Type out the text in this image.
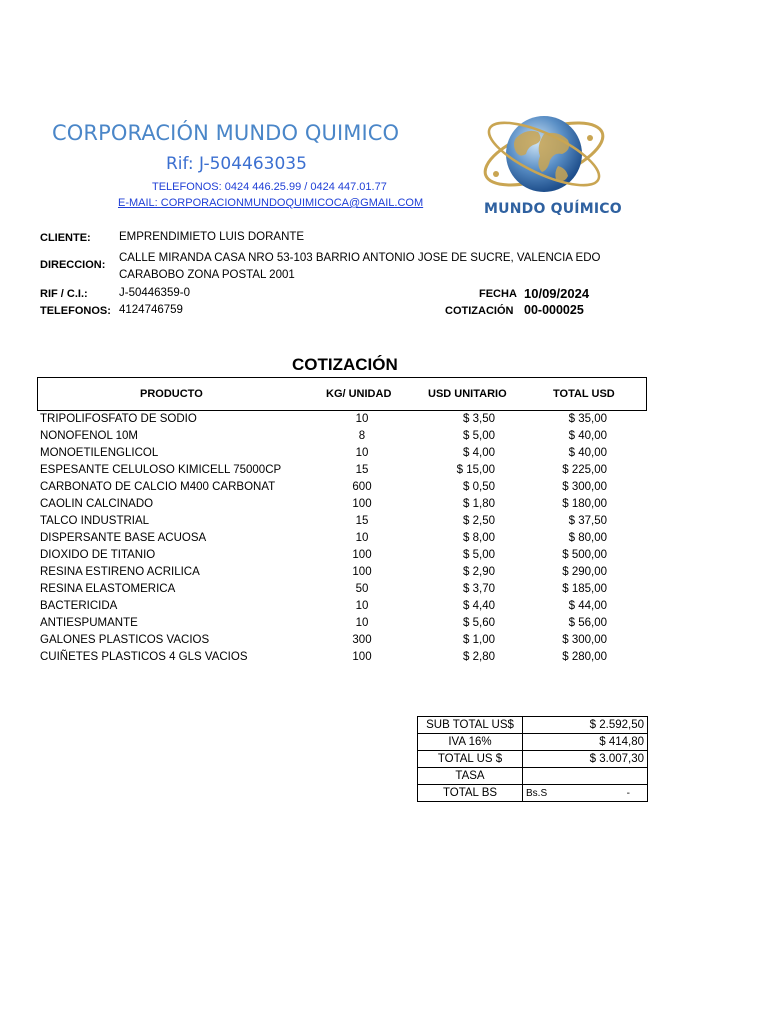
CORPORACIÓN MUNDO QUIMICO
Rif: J-504463035
TELEFONOS: 0424 446.25.99 / 0424 447.01.77
E-MAIL: CORPORACIONMUNDOQUIMICOCA@GMAIL.COM	MUNDO QUÍMICO
CLIENTE: EMPRENDIMIETO LUIS DORANTE
DIRECCION:
CALLE MIRANDA CASA NRO 53-103 BARRIO ANTONIO JOSE DE SUCRE, VALENCIA EDO
CARABOBO ZONA POSTAL 2001
RIF / C.I.:	J-50446359-0
TELEFONOS: 4124746759
FECHA 10/09/2024
COTIZACIÓN 00-000025
COTIZACIÓN
PRODUCTO	KG/ UNIDAD	USD UNITARIO	TOTAL USD
TRIPOLIFOSFATO DE SODIO	10	$ 3,50	$ 35,00
NONOFENOL 10M	8	$ 5,00	$ 40,00
MONOETILENGLICOL	10	$ 4,00	$ 40,00
ESPESANTE CELULOSO KIMICELL 75000CP	15	$ 15,00	$ 225,00
CARBONATO DE CALCIO M400 CARBONAT	600	$ 0,50	$ 300,00
CAOLIN CALCINADO	100	$ 1,80	$ 180,00
TALCO INDUSTRIAL	15	$ 2,50	$ 37,50
DISPERSANTE BASE ACUOSA	10	$ 8,00	$ 80,00
DIOXIDO DE TITANIO	100	$ 5,00	$ 500,00
RESINA ESTIRENO ACRILICA	100	$ 2,90	$ 290,00
RESINA ELASTOMERICA	50	$ 3,70	$ 185,00
BACTERICIDA	10	$ 4,40	$ 44,00
ANTIESPUMANTE	10	$ 5,60	$ 56,00
GALONES PLASTICOS VACIOS	300	$ 1,00	$ 300,00
CUIÑETES PLASTICOS 4 GLS VACIOS	100	$ 2,80	$ 280,00
SUB TOTAL US$	$ 2.592,50
IVA 16%	$ 414,80
TOTAL US $	$ 3.007,30
TASA	
TOTAL BS	Bs.S -
